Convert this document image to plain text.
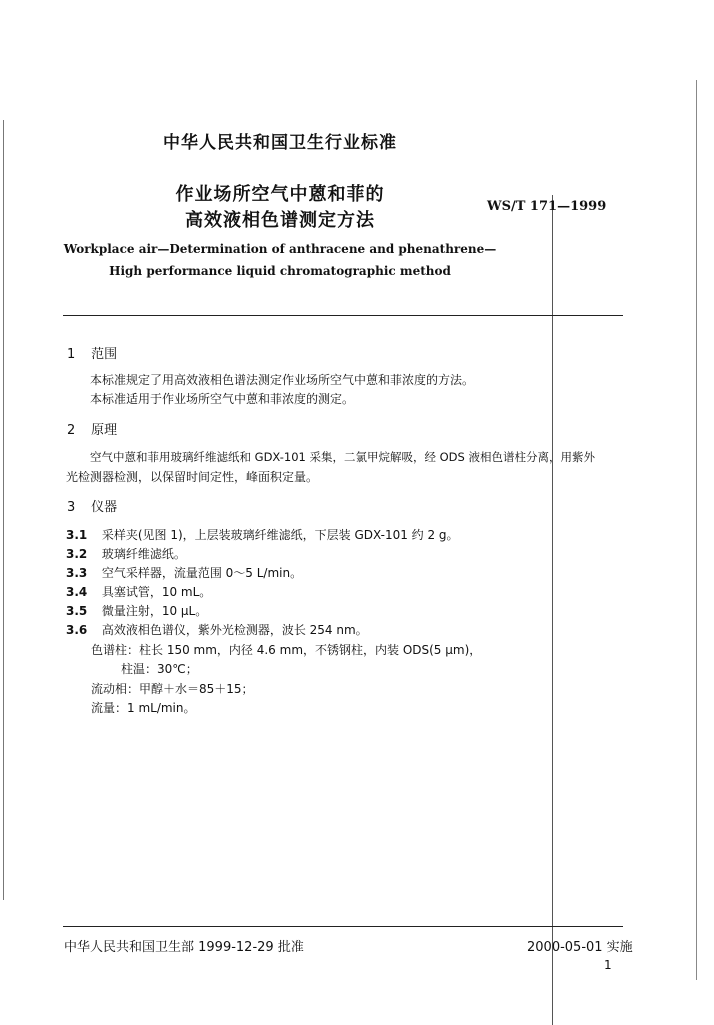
中华人民共和国卫生行业标准
作业场所空气中蒽和菲的
高效液相色谱测定方法
WS/T 171—1999
Workplace air—Determination of anthracene and phenathrene—
High performance liquid chromatographic method
1 范围
本标准规定了用高效液相色谱法测定作业场所空气中蒽和菲浓度的方法。
本标准适用于作业场所空气中蒽和菲浓度的测定。
2 原理
空气中蒽和菲用玻璃纤维滤纸和 GDX-101 采集，二氯甲烷解吸，经 ODS 液相色谱柱分离，用紫外
光检测器检测，以保留时间定性，峰面积定量。
3 仪器
3.1 采样夹(见图 1)，上层装玻璃纤维滤纸，下层装 GDX-101 约 2 g。
3.2 玻璃纤维滤纸。
3.3 空气采样器，流量范围 0～5 L/min。
3.4 具塞试管，10 mL。
3.5 微量注射，10 μL。
3.6 高效液相色谱仪，紫外光检测器，波长 254 nm。
色谱柱：柱长 150 mm，内径 4.6 mm，不锈钢柱，内装 ODS(5 μm)，
柱温：30℃；
流动相：甲醇＋水＝85＋15；
流量：1 mL/min。
中华人民共和国卫生部 1999-12-29 批准	2000-05-01 实施
1
